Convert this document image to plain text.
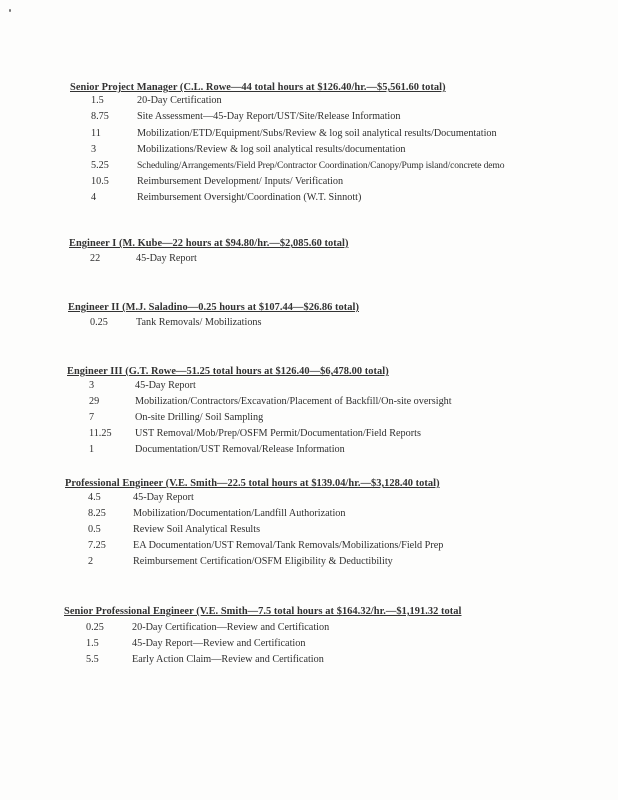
Senior Project Manager (C.L. Rowe—44 total hours at $126.40/hr.—$5,561.60 total)
1.5	20-Day Certification
8.75	Site Assessment—45-Day Report/UST/Site/Release Information
11	Mobilization/ETD/Equipment/Subs/Review & log soil analytical results/Documentation
3	Mobilizations/Review & log soil analytical results/documentation
5.25	Scheduling/Arrangements/Field Prep/Contractor Coordination/Canopy/Pump island/concrete demo
10.5	Reimbursement Development/ Inputs/ Verification
4	Reimbursement Oversight/Coordination (W.T. Sinnott)
Engineer I (M. Kube—22 hours at $94.80/hr.—$2,085.60 total)
22	45-Day Report
Engineer II (M.J. Saladino—0.25 hours at $107.44—$26.86 total)
0.25	Tank Removals/ Mobilizations
Engineer III (G.T. Rowe—51.25 total hours at $126.40—$6,478.00 total)
3	45-Day Report
29	Mobilization/Contractors/Excavation/Placement of Backfill/On-site oversight
7	On-site Drilling/ Soil Sampling
11.25 UST Removal/Mob/Prep/OSFM Permit/Documentation/Field Reports
1	Documentation/UST Removal/Release Information
Professional Engineer (V.E. Smith—22.5 total hours at $139.04/hr.—$3,128.40 total)
4.5	45-Day Report
8.25	Mobilization/Documentation/Landfill Authorization
0.5	Review Soil Analytical Results
7.25	EA Documentation/UST Removal/Tank Removals/Mobilizations/Field Prep
2	Reimbursement Certification/OSFM Eligibility & Deductibility
Senior Professional Engineer (V.E. Smith—7.5 total hours at $164.32/hr.—$1,191.32 total
0.25	20-Day Certification—Review and Certification
1.5	45-Day Report—Review and Certification
5.5	Early Action Claim—Review and Certification
